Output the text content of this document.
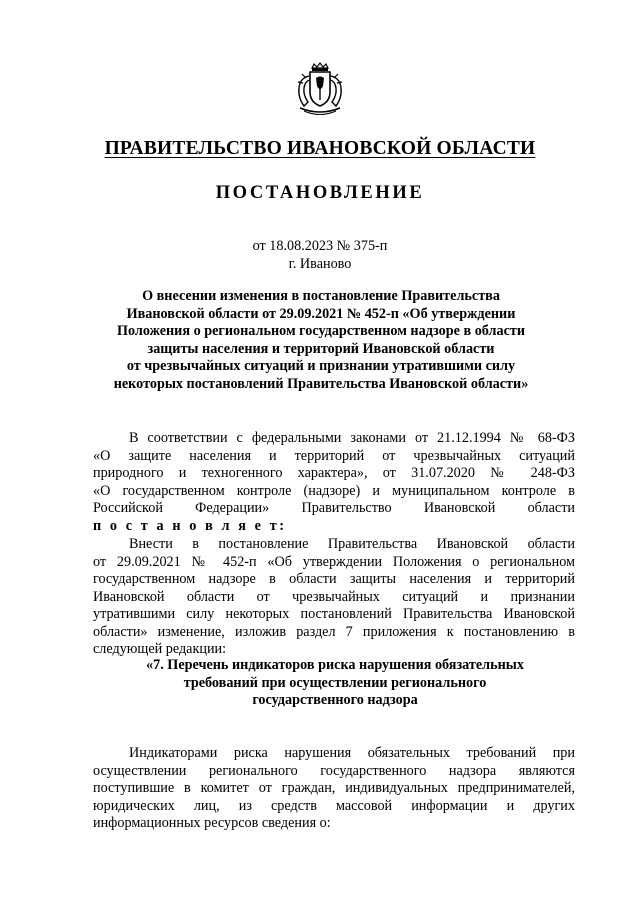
ПРАВИТЕЛЬСТВО ИВАНОВСКОЙ ОБЛАСТИ
ПОСТАНОВЛЕНИЕ
от 18.08.2023 № 375-п
г. Иваново
О внесении изменения в постановление Правительства
Ивановской области от 29.09.2021 № 452-п «Об утверждении
Положения о региональном государственном надзоре в области
защиты населения и территорий Ивановской области
от чрезвычайных ситуаций и признании утратившими силу
некоторых постановлений Правительства Ивановской области»
В соответствии с федеральными законами от 21.12.1994 № 68-ФЗ
«О защите населения и территорий от чрезвычайных ситуаций
природного и техногенного характера», от 31.07.2020 № 248-ФЗ
«О государственном контроле (надзоре) и муниципальном контроле в
Российской Федерации» Правительство Ивановской области
п о с т а н о в л я е т:
Внести в постановление Правительства Ивановской области
от 29.09.2021 № 452-п «Об утверждении Положения о региональном
государственном надзоре в области защиты населения и территорий
Ивановской области от чрезвычайных ситуаций и признании
утратившими силу некоторых постановлений Правительства Ивановской
области» изменение, изложив раздел 7 приложения к постановлению в
следующей редакции:
«7. Перечень индикаторов риска нарушения обязательных
требований при осуществлении регионального
государственного надзора
Индикаторами риска нарушения обязательных требований при
осуществлении регионального государственного надзора являются
поступившие в комитет от граждан, индивидуальных предпринимателей,
юридических лиц, из средств массовой информации и других
информационных ресурсов сведения о:
